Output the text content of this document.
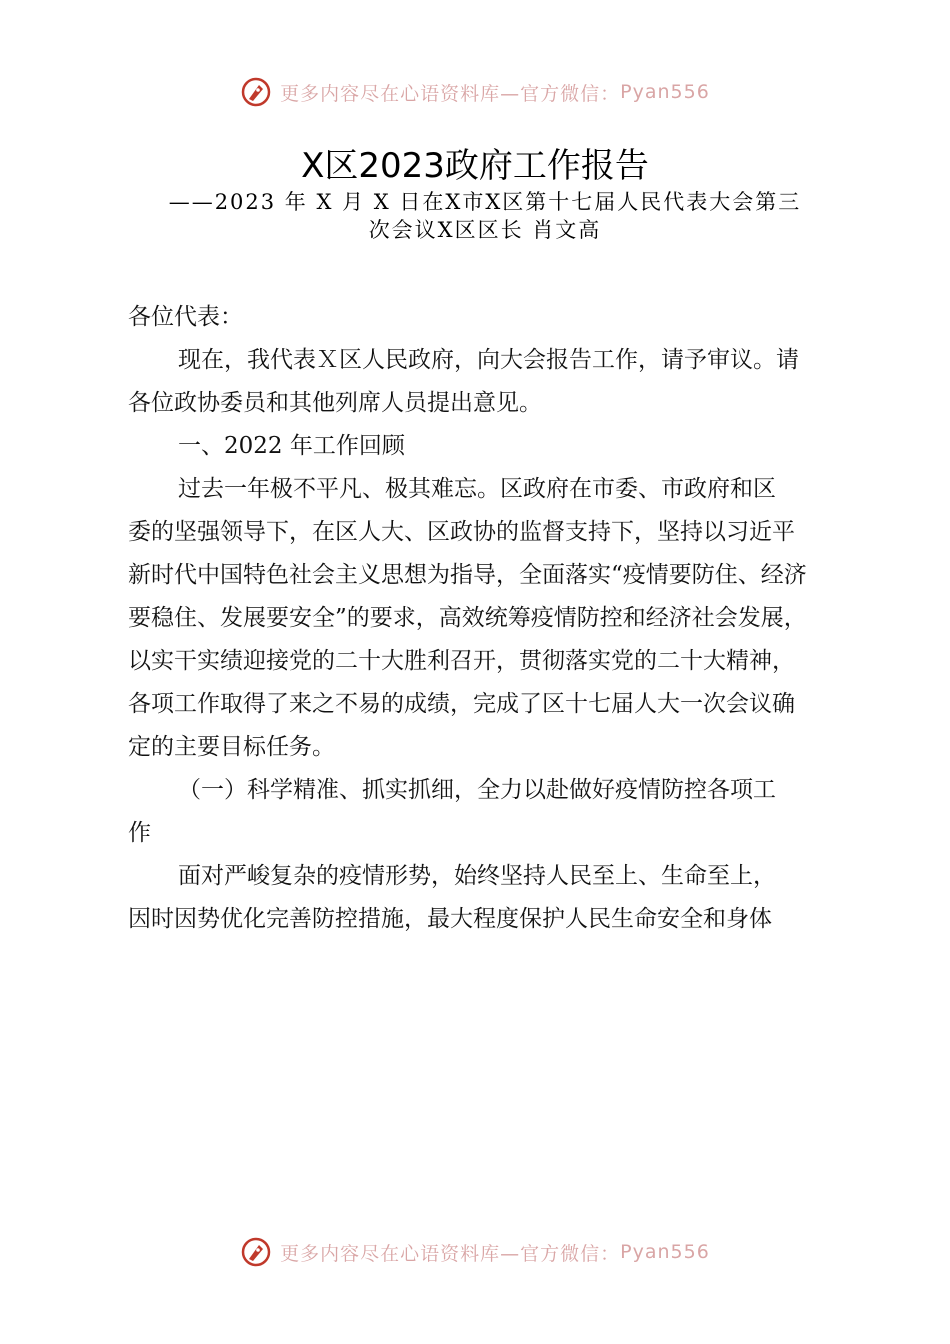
更多内容尽在心语资料库—官方微信： Pyan556
X区2023政府工作报告
——2023 年 X 月 X 日在X市X区第十七届人民代表大会第三
次会议X区区长 肖文高
各位代表：
现在，我代表Ｘ区人民政府，向大会报告工作，请予审议。请
各位政协委员和其他列席人员提出意见。
一、2022 年工作回顾
过去一年极不平凡、极其难忘。区政府在市委、市政府和区
委的坚强领导下，在区人大、区政协的监督支持下，坚持以习近平
新时代中国特色社会主义思想为指导，全面落实“疫情要防住、经济
要稳住、发展要安全”的要求，高效统筹疫情防控和经济社会发展，
以实干实绩迎接党的二十大胜利召开，贯彻落实党的二十大精神，
各项工作取得了来之不易的成绩，完成了区十七届人大一次会议确
定的主要目标任务。
（一）科学精准、抓实抓细，全力以赴做好疫情防控各项工
作
面对严峻复杂的疫情形势，始终坚持人民至上、生命至上，
因时因势优化完善防控措施，最大程度保护人民生命安全和身体
更多内容尽在心语资料库—官方微信： Pyan556
